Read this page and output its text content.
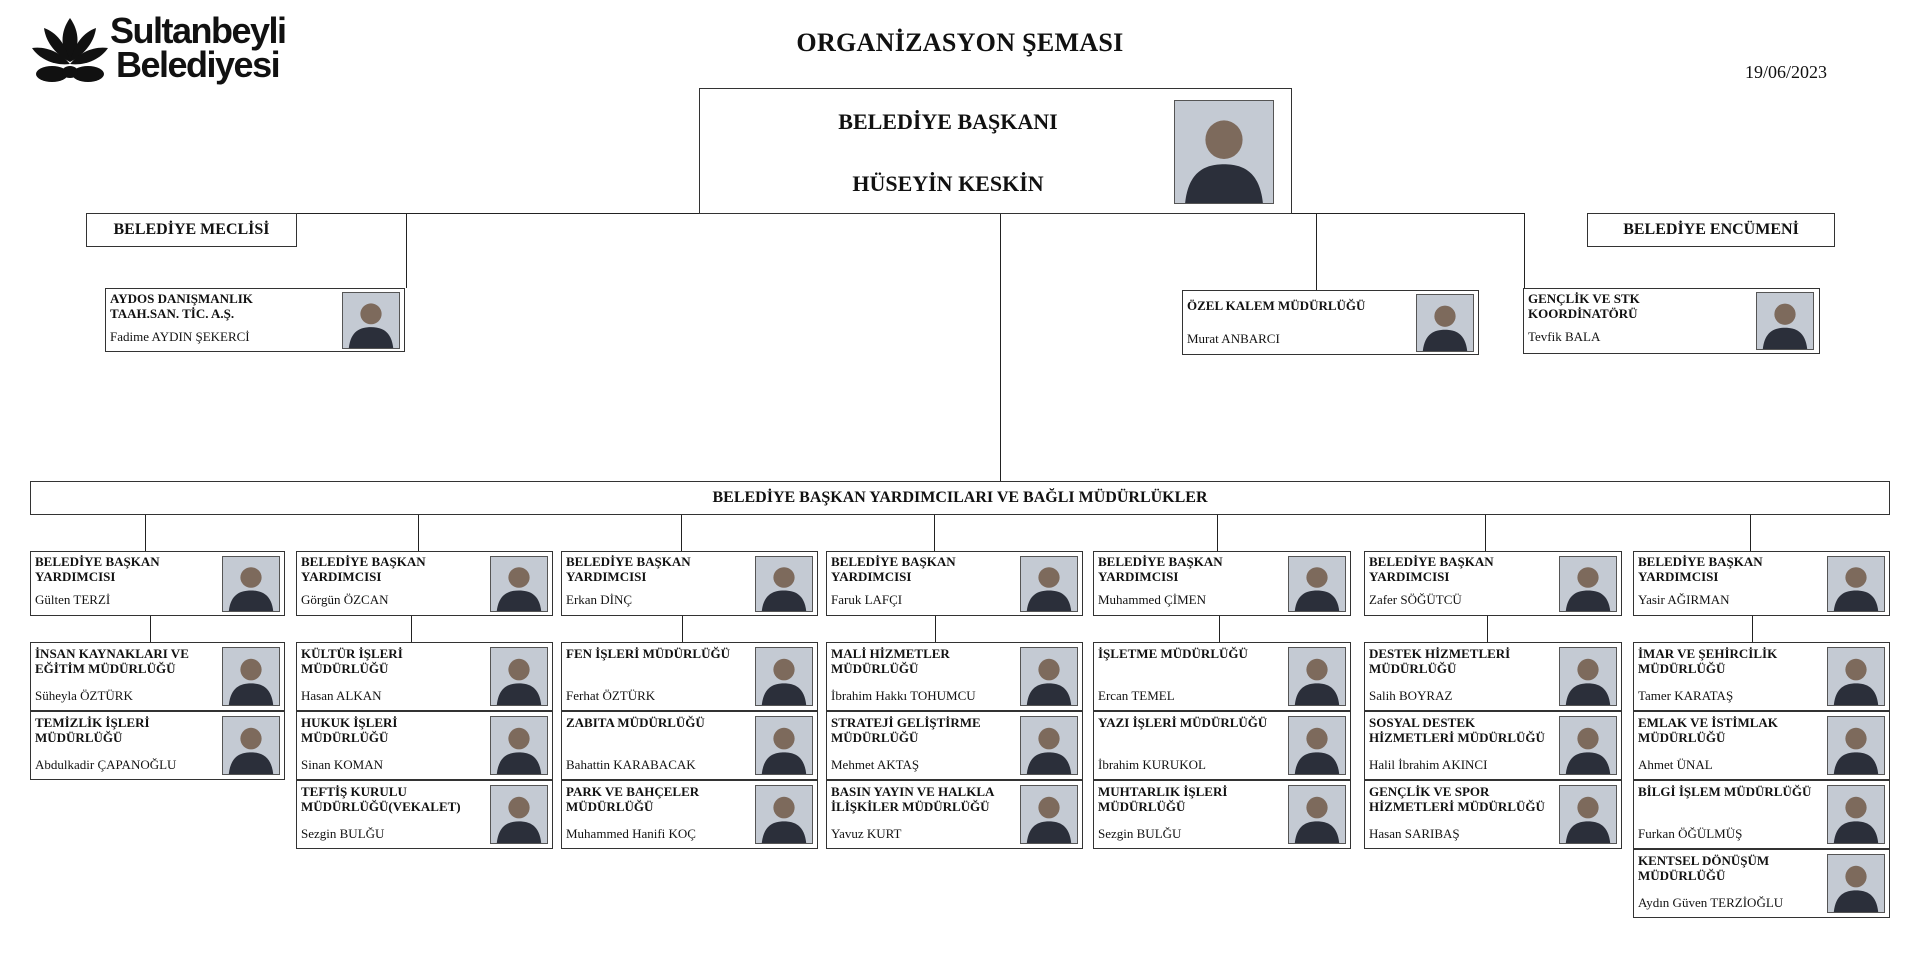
Sultanbeyli
Belediyesi
ORGANİZASYON ŞEMASI
19/06/2023
BELEDİYE BAŞKANI
HÜSEYİN KESKİN
BELEDİYE MECLİSİ	BELEDİYE ENCÜMENİ
AYDOS DANIŞMANLIK TAAH.SAN. TİC. A.Ş.
Fadime AYDIN ŞEKERCİ
ÖZEL KALEM MÜDÜRLÜĞÜ
Murat ANBARCI
GENÇLİK VE STK KOORDİNATÖRÜ
Tevfik BALA
BELEDİYE BAŞKAN YARDIMCILARI VE BAĞLI MÜDÜRLÜKLER
BELEDİYE BAŞKAN YARDIMCISI
Gülten TERZİ
İNSAN KAYNAKLARI VE EĞİTİM MÜDÜRLÜĞÜ
Süheyla ÖZTÜRK
TEMİZLİK İŞLERİ MÜDÜRLÜĞÜ
Abdulkadir ÇAPANOĞLU
BELEDİYE BAŞKAN YARDIMCISI
Görgün ÖZCAN
KÜLTÜR İŞLERİ MÜDÜRLÜĞÜ
Hasan ALKAN
HUKUK İŞLERİ MÜDÜRLÜĞÜ
Sinan KOMAN
TEFTİŞ KURULU MÜDÜRLÜĞÜ(VEKALET)
Sezgin BULĞU
BELEDİYE BAŞKAN YARDIMCISI
Erkan DİNÇ
FEN İŞLERİ MÜDÜRLÜĞÜ
Ferhat ÖZTÜRK
ZABITA MÜDÜRLÜĞÜ
Bahattin KARABACAK
PARK VE BAHÇELER MÜDÜRLÜĞÜ
Muhammed Hanifi KOÇ
BELEDİYE BAŞKAN YARDIMCISI
Faruk LAFÇI
MALİ HİZMETLER MÜDÜRLÜĞÜ
İbrahim Hakkı TOHUMCU
STRATEJİ GELİŞTİRME MÜDÜRLÜĞÜ
Mehmet AKTAŞ
BASIN YAYIN VE HALKLA İLİŞKİLER MÜDÜRLÜĞÜ
Yavuz KURT
BELEDİYE BAŞKAN YARDIMCISI
Muhammed ÇİMEN
İŞLETME MÜDÜRLÜĞÜ
Ercan TEMEL
YAZI İŞLERİ MÜDÜRLÜĞÜ
İbrahim KURUKOL
MUHTARLIK İŞLERİ MÜDÜRLÜĞÜ
Sezgin BULĞU
BELEDİYE BAŞKAN YARDIMCISI
Zafer SÖĞÜTCÜ
DESTEK HİZMETLERİ MÜDÜRLÜĞÜ
Salih BOYRAZ
SOSYAL DESTEK HİZMETLERİ MÜDÜRLÜĞÜ
Halil İbrahim AKINCI
GENÇLİK VE SPOR HİZMETLERİ MÜDÜRLÜĞÜ
Hasan SARIBAŞ
BELEDİYE BAŞKAN YARDIMCISI
Yasir AĞIRMAN
İMAR VE ŞEHİRCİLİK MÜDÜRLÜĞÜ
Tamer KARATAŞ
EMLAK VE İSTİMLAK MÜDÜRLÜĞÜ
Ahmet ÜNAL
BİLGİ İŞLEM MÜDÜRLÜĞÜ
Furkan ÖĞÜLMÜŞ
KENTSEL DÖNÜŞÜM MÜDÜRLÜĞÜ
Aydın Güven TERZİOĞLU
